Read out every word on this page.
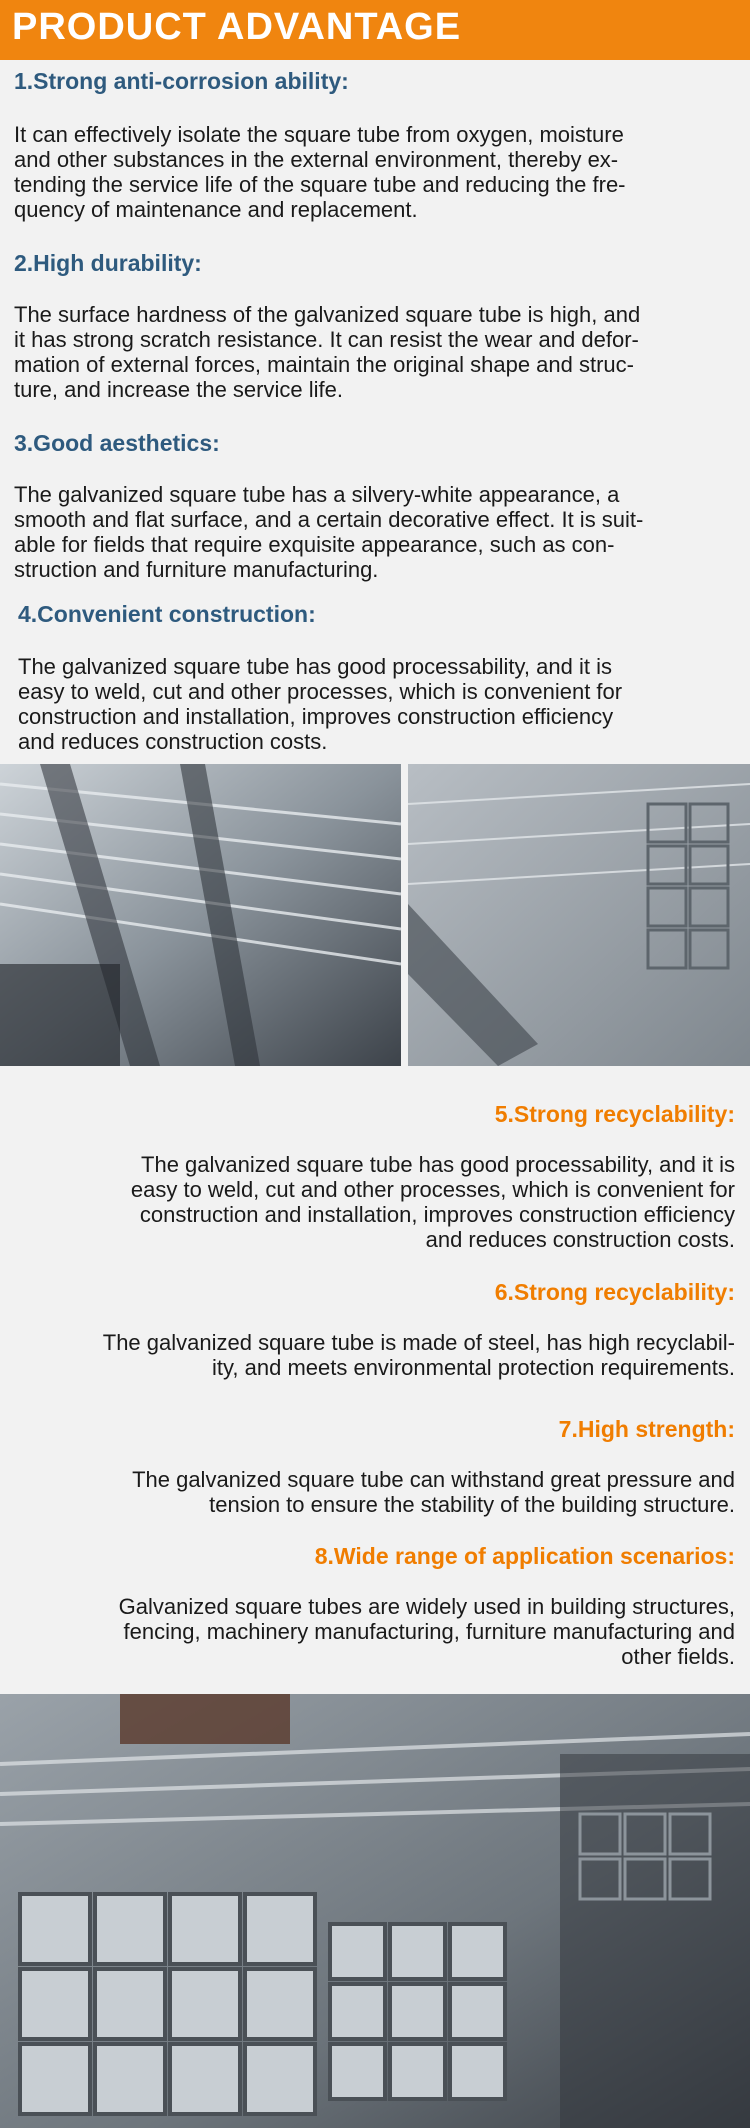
PRODUCT ADVANTAGE
1.Strong anti-corrosion ability:
It can effectively isolate the square tube from oxygen, moisture
and other substances in the external environment, thereby ex-
tending the service life of the square tube and reducing the fre-
quency of maintenance and replacement.
2.High durability:
The surface hardness of the galvanized square tube is high, and
it has strong scratch resistance. It can resist the wear and defor-
mation of external forces, maintain the original shape and struc-
ture, and increase the service life.
3.Good aesthetics:
The galvanized square tube has a silvery-white appearance, a
smooth and flat surface, and a certain decorative effect. It is suit-
able for fields that require exquisite appearance, such as con-
struction and furniture manufacturing.
4.Convenient construction:
The galvanized square tube has good processability, and it is
easy to weld, cut and other processes, which is convenient for
construction and installation, improves construction efficiency
and reduces construction costs.
5.Strong recyclability:
The galvanized square tube has good processability, and it is
easy to weld, cut and other processes, which is convenient for
construction and installation, improves construction efficiency
and reduces construction costs.
6.Strong recyclability:
The galvanized square tube is made of steel, has high recyclabil-
ity, and meets environmental protection requirements.
7.High strength:
The galvanized square tube can withstand great pressure and
tension to ensure the stability of the building structure.
8.Wide range of application scenarios:
Galvanized square tubes are widely used in building structures,
fencing, machinery manufacturing, furniture manufacturing and
other fields.
